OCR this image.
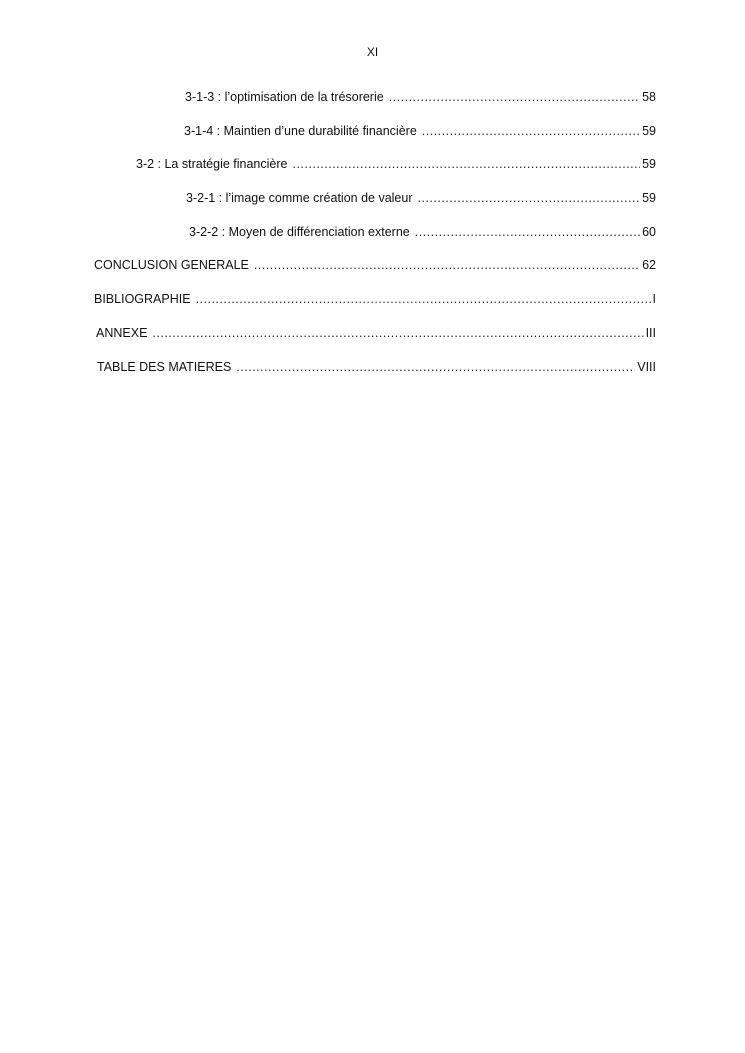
XI
3-1-3 : l’optimisation de la trésorerie .....	58
3-1-4 : Maintien d’une durabilité financière .....	59
3-2 : La stratégie financière .....	59
3-2-1 : l’image comme création de valeur .....	59
3-2-2 : Moyen de différenciation externe .....	60
CONCLUSION GENERALE .....	62
BIBLIOGRAPHIE .....	I
ANNEXE .....	III
TABLE DES MATIERES .....	VIII
